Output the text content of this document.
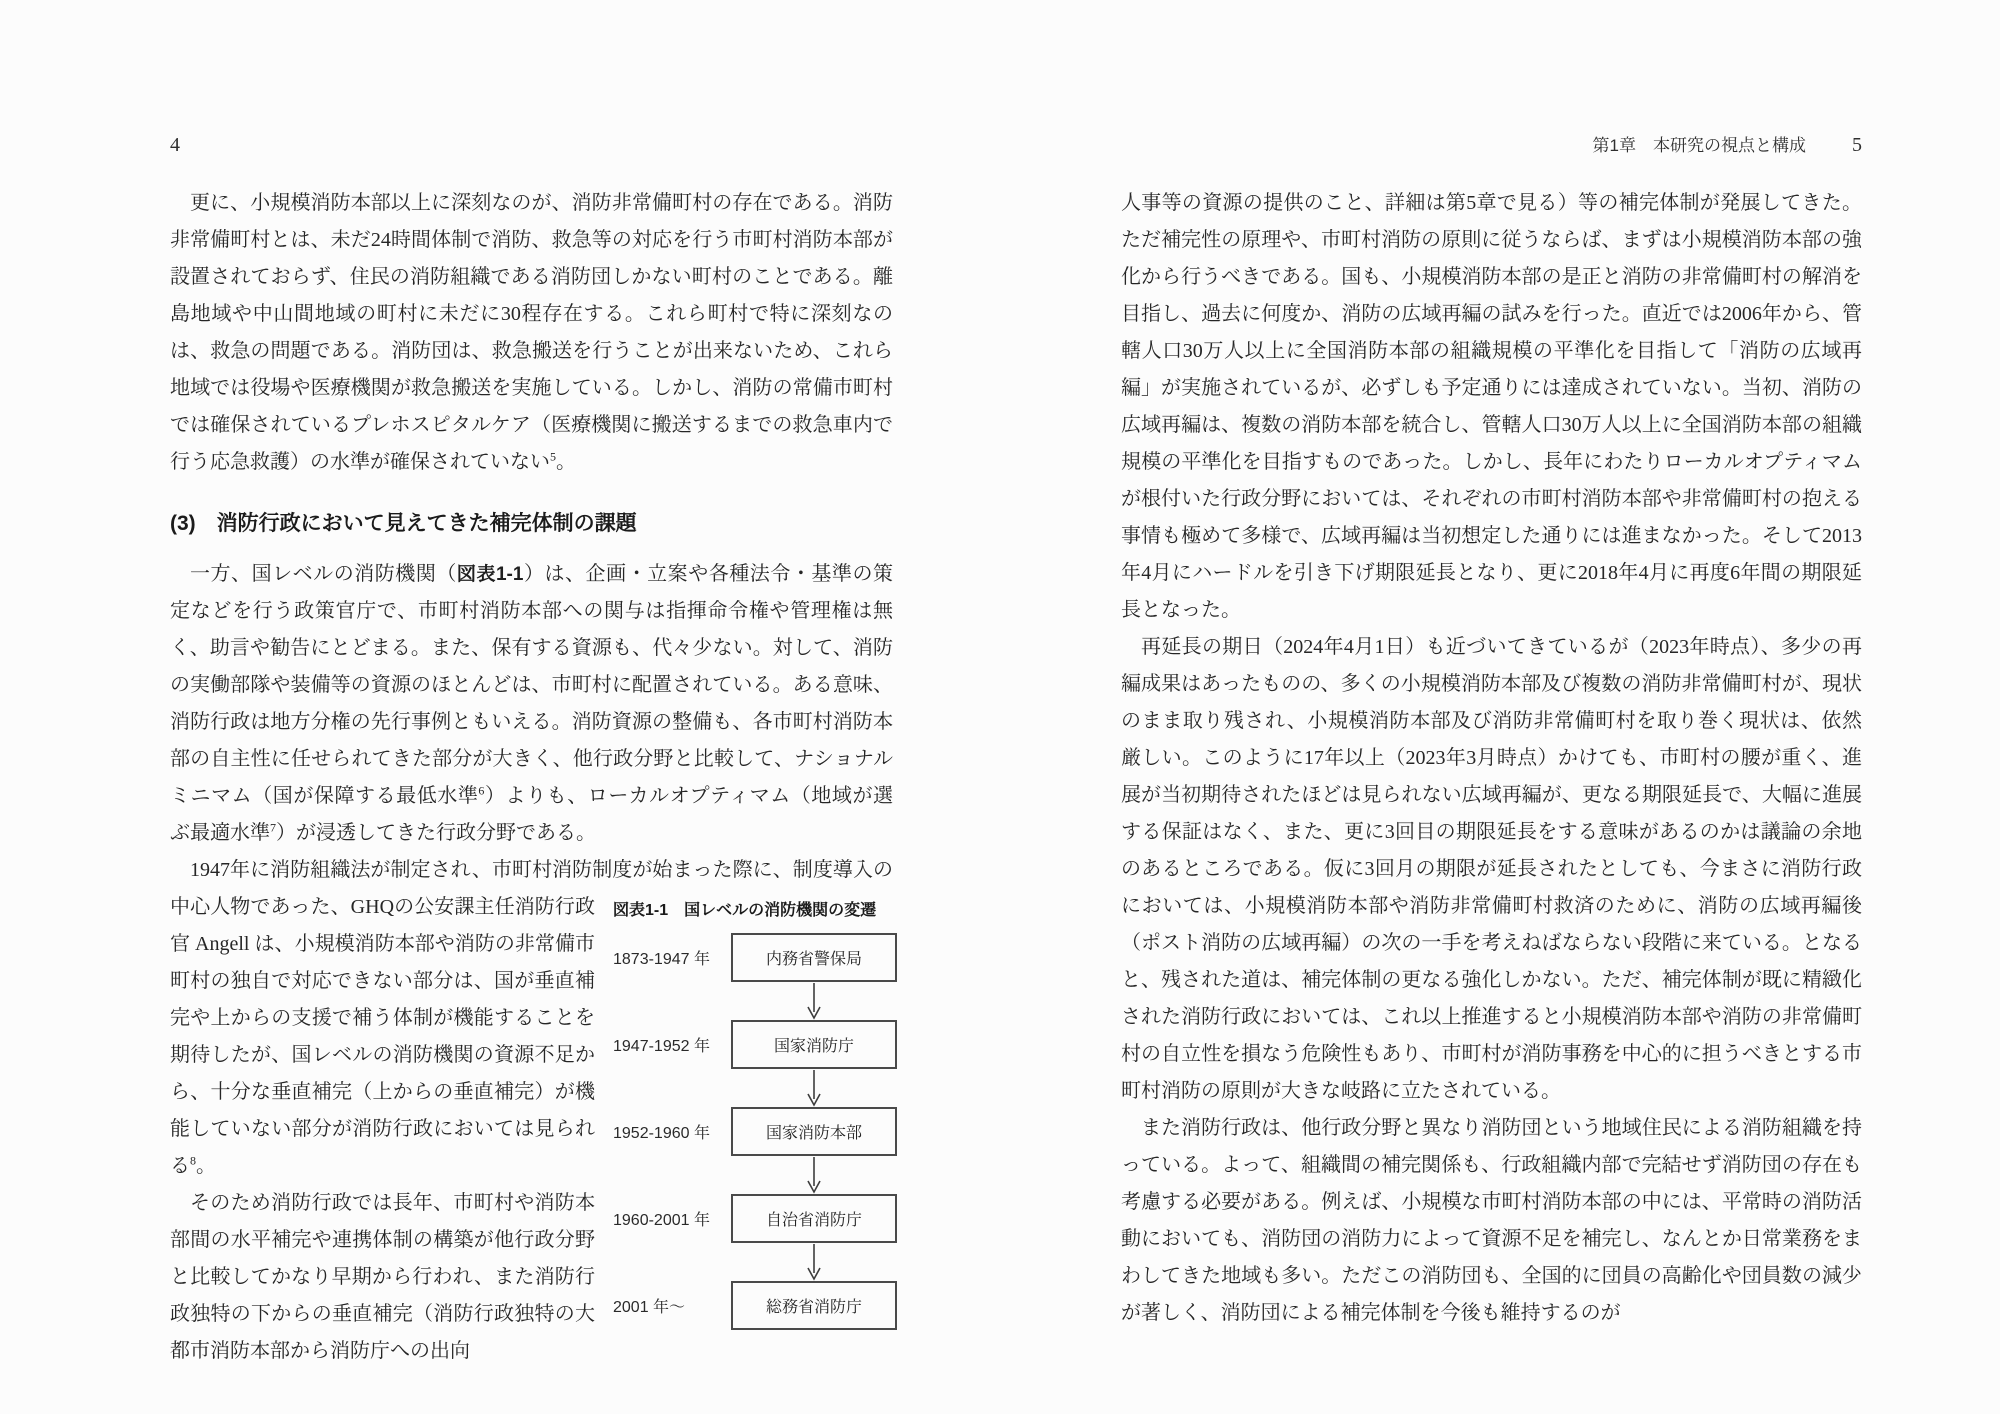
4

更に、小規模消防本部以上に深刻なのが、消防非常備町村の存在である。消防非常備町村とは、未だ24時間体制で消防、救急等の対応を行う市町村消防本部が設置されておらず、住民の消防組織である消防団しかない町村のことである。離島地域や中山間地域の町村に未だに30程存在する。これら町村で特に深刻なのは、救急の問題である。消防団は、救急搬送を行うことが出来ないため、これら地域では役場や医療機関が救急搬送を実施している。しかし、消防の常備市町村では確保されているプレホスピタルケア（医療機関に搬送するまでの救急車内で行う応急救護）の水準が確保されていない$^5$。

(3)　消防行政において見えてきた補完体制の課題

一方、国レベルの消防機関（図表1-1）は、企画・立案や各種法令・基準の策定などを行う政策官庁で、市町村消防本部への関与は指揮命令権や管理権は無く、助言や勧告にとどまる。また、保有する資源も、代々少ない。対して、消防の実働部隊や装備等の資源のほとんどは、市町村に配置されている。ある意味、消防行政は地方分権の先行事例ともいえる。消防資源の整備も、各市町村消防本部の自主性に任せられてきた部分が大きく、他行政分野と比較して、ナショナルミニマム（国が保障する最低水準$^6$）よりも、ローカルオプティマム（地域が選ぶ最適水準$^7$）が浸透してきた行政分野である。

1947年に消防組織法が制定され、市町村消防制度が始まった際に、制度導
図表1-1　国レベルの消防機関の変遷
1873-1947 年	内務省警保局
1947-1952 年	国家消防庁
1952-1960 年	国家消防本部
1960-2001 年	自治省消防庁
2001 年〜	総務省消防庁
入の中心人物であった、GHQの公安課主任消防行政官 Angell は、小規模消防本部や消防の非常備市町村の独自で対応できない部分は、国が垂直補完や上からの支援で補う体制が機能することを期待したが、国レベルの消防機関の資源不足から、十分な垂直補完（上からの垂直補完）が機能していない部分が消防行政においては見られる$^8$。

そのため消防行政では長年、市町村や消防本部間の水平補完や連携体制の構築が他行政分野と比較してかなり早期から行われ、また消防行政独特の下からの垂直補完（消防行政独特の大都市消防本部から消防庁への出向

第1章　本研究の視点と構成 5

人事等の資源の提供のこと、詳細は第5章で見る）等の補完体制が発展してきた。ただ補完性の原理や、市町村消防の原則に従うならば、まずは小規模消防本部の強化から行うべきである。国も、小規模消防本部の是正と消防の非常備町村の解消を目指し、過去に何度か、消防の広域再編の試みを行った。直近では2006年から、管轄人口30万人以上に全国消防本部の組織規模の平準化を目指して「消防の広域再編」が実施されているが、必ずしも予定通りには達成されていない。当初、消防の広域再編は、複数の消防本部を統合し、管轄人口30万人以上に全国消防本部の組織規模の平準化を目指すものであった。しかし、長年にわたりローカルオプティマムが根付いた行政分野においては、それぞれの市町村消防本部や非常備町村の抱える事情も極めて多様で、広域再編は当初想定した通りには進まなかった。そして2013年4月にハードルを引き下げ期限延長となり、更に2018年4月に再度6年間の期限延長となった。

再延長の期日（2024年4月1日）も近づいてきているが（2023年時点）、多少の再編成果はあったものの、多くの小規模消防本部及び複数の消防非常備町村が、現状のまま取り残され、小規模消防本部及び消防非常備町村を取り巻く現状は、依然厳しい。このように17年以上（2023年3月時点）かけても、市町村の腰が重く、進展が当初期待されたほどは見られない広域再編が、更なる期限延長で、大幅に進展する保証はなく、また、更に3回目の期限延長をする意味があるのかは議論の余地のあるところである。仮に3回月の期限が延長されたとしても、今まさに消防行政においては、小規模消防本部や消防非常備町村救済のために、消防の広域再編後（ポスト消防の広域再編）の次の一手を考えねばならない段階に来ている。となると、残された道は、補完体制の更なる強化しかない。ただ、補完体制が既に精緻化された消防行政においては、これ以上推進すると小規模消防本部や消防の非常備町村の自立性を損なう危険性もあり、市町村が消防事務を中心的に担うべきとする市町村消防の原則が大きな岐路に立たされている。

また消防行政は、他行政分野と異なり消防団という地域住民による消防組織を持っている。よって、組織間の補完関係も、行政組織内部で完結せず消防団の存在も考慮する必要がある。例えば、小規模な市町村消防本部の中には、平常時の消防活動においても、消防団の消防力によって資源不足を補完し、なんとか日常業務をまわしてきた地域も多い。ただこの消防団も、全国的に団員の高齢化や団員数の減少が著しく、消防団による補完体制を今後も維持するのが
